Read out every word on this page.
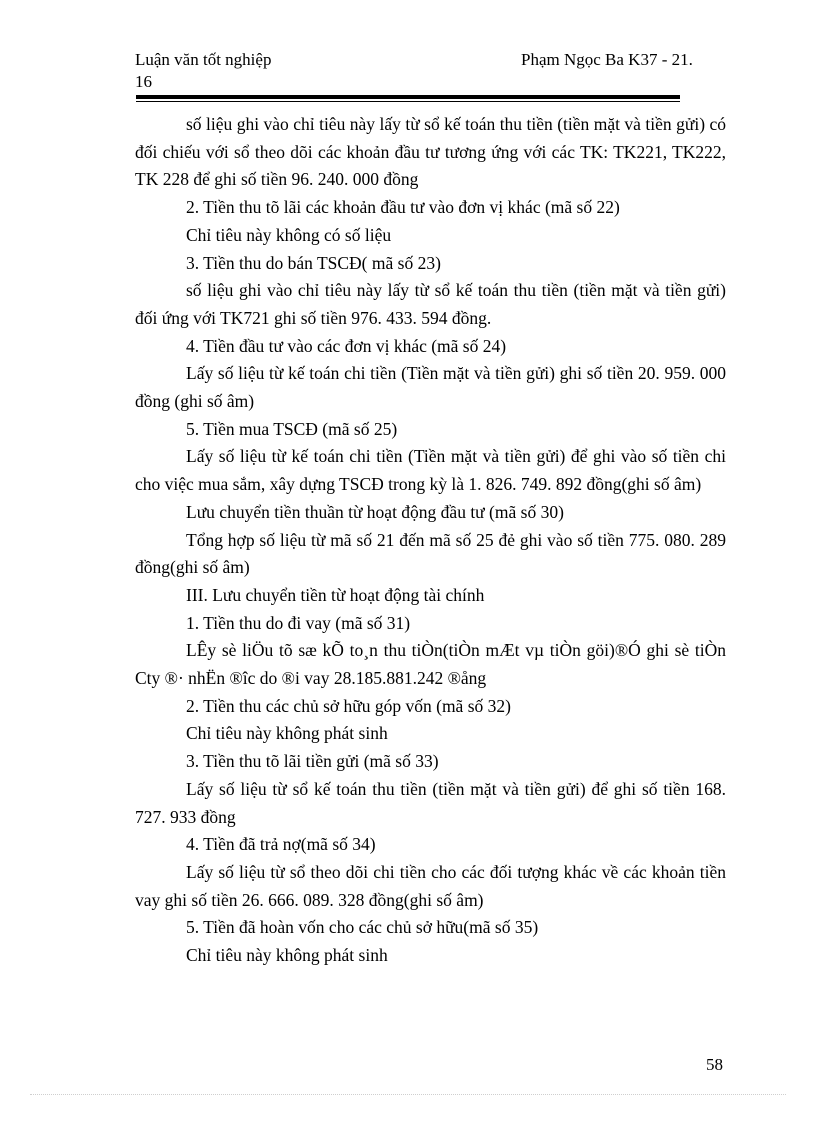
Luận văn tốt nghiệp	Phạm Ngọc Ba K37 - 21.
16

số liệu ghi vào chỉ tiêu này lấy từ sổ kế toán thu tiền (tiền mặt và tiền gửi) có đối chiếu với sổ theo dõi các khoản đầu tư tương ứng với các TK: TK221, TK222, TK 228 để ghi số tiền 96. 240. 000 đồng

2. Tiền thu tõ lãi các khoản đầu tư vào đơn vị khác (mã số 22)

Chỉ tiêu này không có số liệu

3. Tiền thu do bán TSCĐ( mã số 23)

số liệu ghi vào chỉ tiêu này lấy từ sổ kế toán thu tiền (tiền mặt và tiền gửi) đối ứng với TK721 ghi số tiền 976. 433. 594 đồng.

4. Tiền đầu tư vào các đơn vị khác (mã số 24)

Lấy số liệu từ kế toán chi tiền (Tiền mặt và tiền gửi) ghi số tiền 20. 959. 000 đồng (ghi số âm)

5. Tiền mua TSCĐ (mã số 25)

Lấy số liệu từ kế toán chi tiền (Tiền mặt và tiền gửi) để ghi vào số tiền chi cho việc mua sắm, xây dựng TSCĐ trong kỳ là 1. 826. 749. 892 đồng(ghi số âm)

Lưu chuyển tiền thuần từ hoạt động đầu tư (mã số 30)

Tổng hợp số liệu từ mã số 21 đến mã số 25 đẻ ghi vào số tiền 775. 080. 289 đồng(ghi số âm)

III. Lưu chuyển tiền từ hoạt động tài chính

1. Tiền thu do đi vay (mã số 31)

LÊy sè liÖu tõ sæ kÕ to¸n thu tiÒn(tiÒn mÆt vµ tiÒn göi)®Ó ghi sè tiÒn Cty ®· nhËn ®îc do ®i vay 28.185.881.242 ®ång

2. Tiền thu các chủ sở hữu góp vốn (mã số 32)

Chỉ tiêu này không phát sinh

3. Tiền thu tõ lãi tiền gửi (mã số 33)

Lấy số liệu từ sổ kế toán thu tiền (tiền mặt và tiền gửi) để ghi số tiền 168. 727. 933 đồng

4. Tiền đã trả nợ(mã số 34)

Lấy số liệu từ sổ theo dõi chi tiền cho các đối tượng khác về các khoản tiền vay ghi số tiền 26. 666. 089. 328 đồng(ghi số âm)

5. Tiền đã hoàn vốn cho các chủ sở hữu(mã số 35)

Chỉ tiêu này không phát sinh

58
